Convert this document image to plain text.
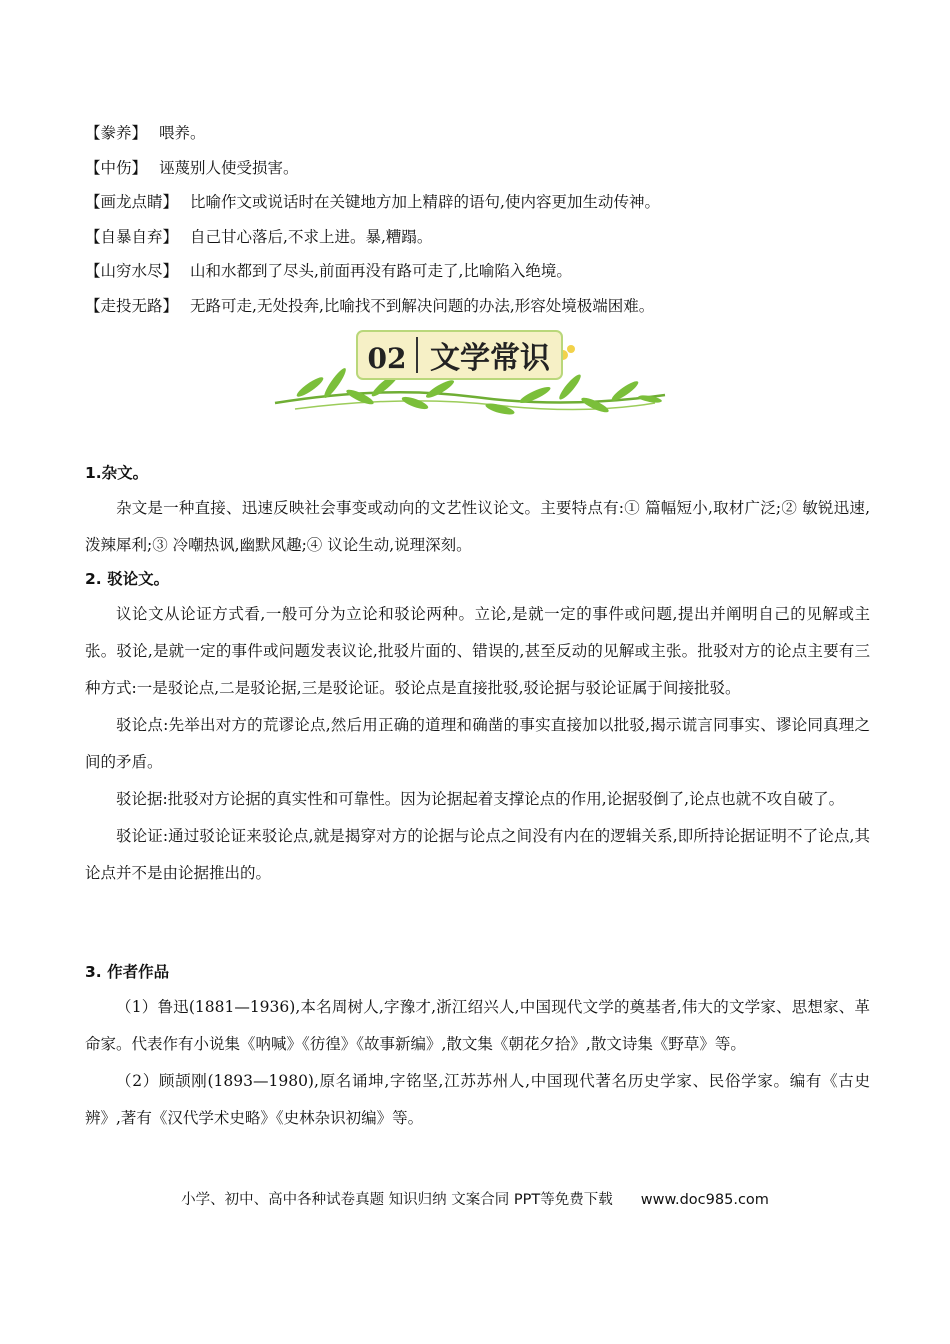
【豢养】 喂养。
【中伤】 诬蔑别人使受损害。
【画龙点睛】 比喻作文或说话时在关键地方加上精辟的语句,使内容更加生动传神。
【自暴自弃】 自己甘心落后,不求上进。暴,糟蹋。
【山穷水尽】 山和水都到了尽头,前面再没有路可走了,比喻陷入绝境。
【走投无路】 无路可走,无处投奔,比喻找不到解决问题的办法,形容处境极端困难。
02 文学常识
1.杂文。

杂文是一种直接、迅速反映社会事变或动向的文艺性议论文。主要特点有:① 篇幅短小,取材广泛;② 敏锐迅速,泼辣犀利;③ 冷嘲热讽,幽默风趣;④ 议论生动,说理深刻。

2. 驳论文。

议论文从论证方式看,一般可分为立论和驳论两种。立论,是就一定的事件或问题,提出并阐明自己的见解或主张。驳论,是就一定的事件或问题发表议论,批驳片面的、错误的,甚至反动的见解或主张。批驳对方的论点主要有三种方式:一是驳论点,二是驳论据,三是驳论证。驳论点是直接批驳,驳论据与驳论证属于间接批驳。

驳论点:先举出对方的荒谬论点,然后用正确的道理和确凿的事实直接加以批驳,揭示谎言同事实、谬论同真理之间的矛盾。

驳论据:批驳对方论据的真实性和可靠性。因为论据起着支撑论点的作用,论据驳倒了,论点也就不攻自破了。

驳论证:通过驳论证来驳论点,就是揭穿对方的论据与论点之间没有内在的逻辑关系,即所持论据证明不了论点,其论点并不是由论据推出的。

3. 作者作品

（1）鲁迅(1881—1936),本名周树人,字豫才,浙江绍兴人,中国现代文学的奠基者,伟大的文学家、思想家、革命家。代表作有小说集《呐喊》《彷徨》《故事新编》,散文集《朝花夕拾》,散文诗集《野草》等。

（2）顾颉刚(1893—1980),原名诵坤,字铭坚,江苏苏州人,中国现代著名历史学家、民俗学家。编有《古史辨》,著有《汉代学术史略》《史林杂识初编》等。

小学、初中、高中各种试卷真题 知识归纳 文案合同 PPT等免费下载 www.doc985.com
